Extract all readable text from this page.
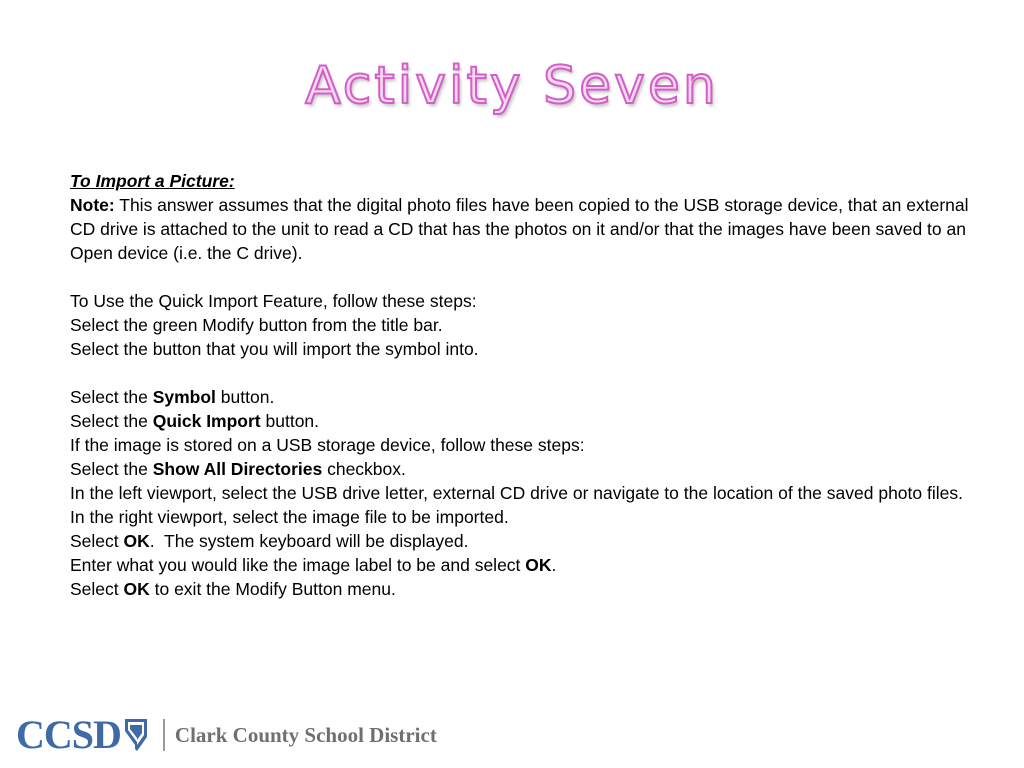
Activity Seven
To Import a Picture:
Note: This answer assumes that the digital photo files have been copied to the USB storage device, that an external CD drive is attached to the unit to read a CD that has the photos on it and/or that the images have been saved to an Open device (i.e. the C drive).
To Use the Quick Import Feature, follow these steps:
Select the green Modify button from the title bar.
Select the button that you will import the symbol into.
Select the Symbol button.
Select the Quick Import button.
If the image is stored on a USB storage device, follow these steps:
Select the Show All Directories checkbox.
In the left viewport, select the USB drive letter, external CD drive or navigate to the location of the saved photo files.
In the right viewport, select the image file to be imported.
Select OK.  The system keyboard will be displayed.
Enter what you would like the image label to be and select OK.
Select OK to exit the Modify Button menu.
CCSD	Clark County School District
